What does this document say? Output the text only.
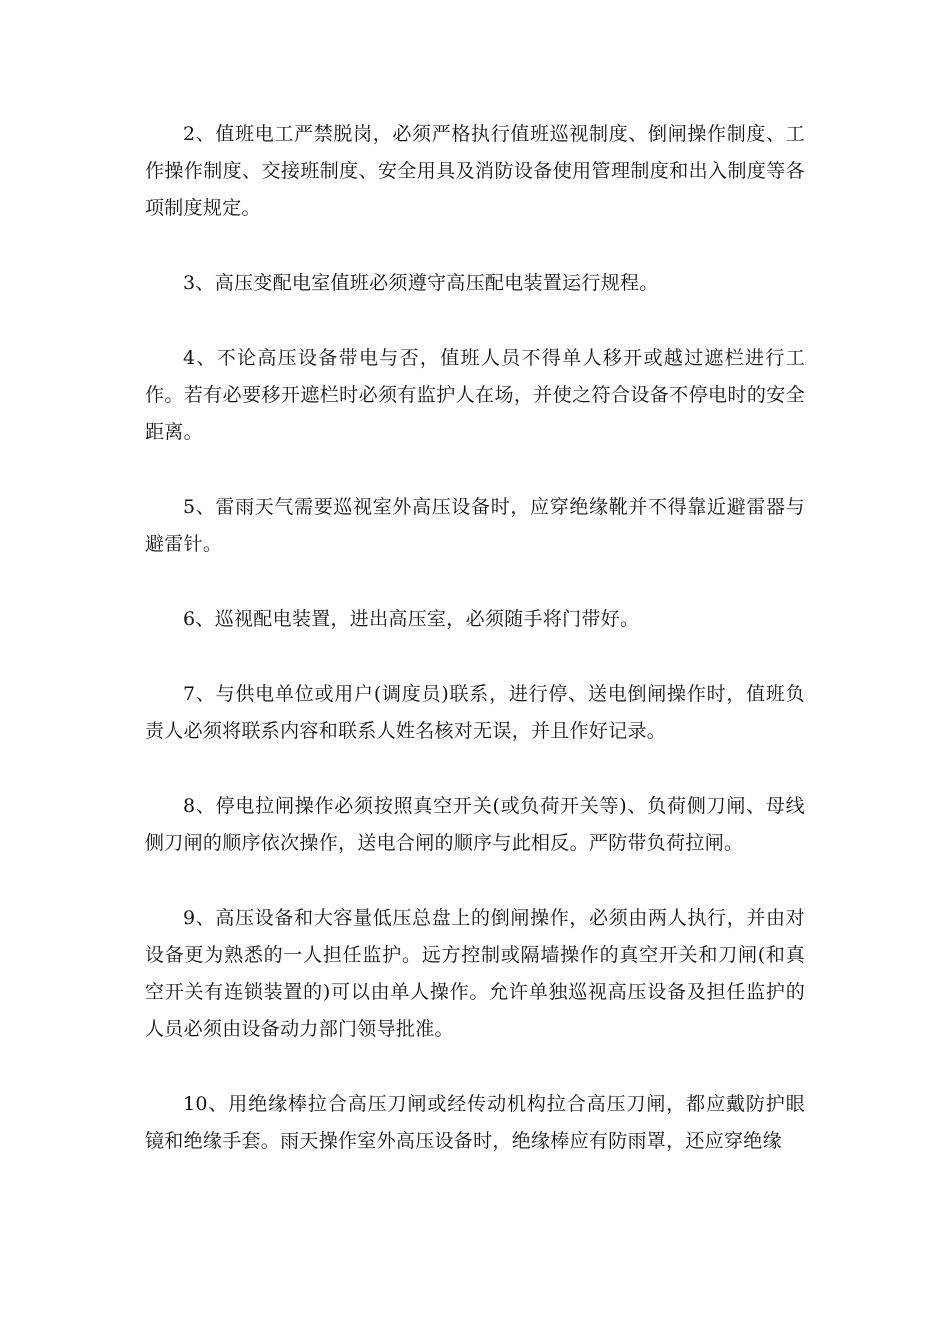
2、值班电工严禁脱岗，必须严格执行值班巡视制度、倒闸操作制度、工作操作制度、交接班制度、安全用具及消防设备使用管理制度和出入制度等各项制度规定。

3、高压变配电室值班必须遵守高压配电装置运行规程。

4、不论高压设备带电与否，值班人员不得单人移开或越过遮栏进行工作。若有必要移开遮栏时必须有监护人在场，并使之符合设备不停电时的安全距离。

5、雷雨天气需要巡视室外高压设备时，应穿绝缘靴并不得靠近避雷器与避雷针。

6、巡视配电装置，进出高压室，必须随手将门带好。

7、与供电单位或用户(调度员)联系，进行停、送电倒闸操作时，值班负责人必须将联系内容和联系人姓名核对无误，并且作好记录。

8、停电拉闸操作必须按照真空开关(或负荷开关等)、负荷侧刀闸、母线侧刀闸的顺序依次操作，送电合闸的顺序与此相反。严防带负荷拉闸。

9、高压设备和大容量低压总盘上的倒闸操作，必须由两人执行，并由对设备更为熟悉的一人担任监护。远方控制或隔墙操作的真空开关和刀闸(和真空开关有连锁装置的)可以由单人操作。允许单独巡视高压设备及担任监护的人员必须由设备动力部门领导批准。

10、用绝缘棒拉合高压刀闸或经传动机构拉合高压刀闸，都应戴防护眼镜和绝缘手套。雨天操作室外高压设备时，绝缘棒应有防雨罩，还应穿绝缘
